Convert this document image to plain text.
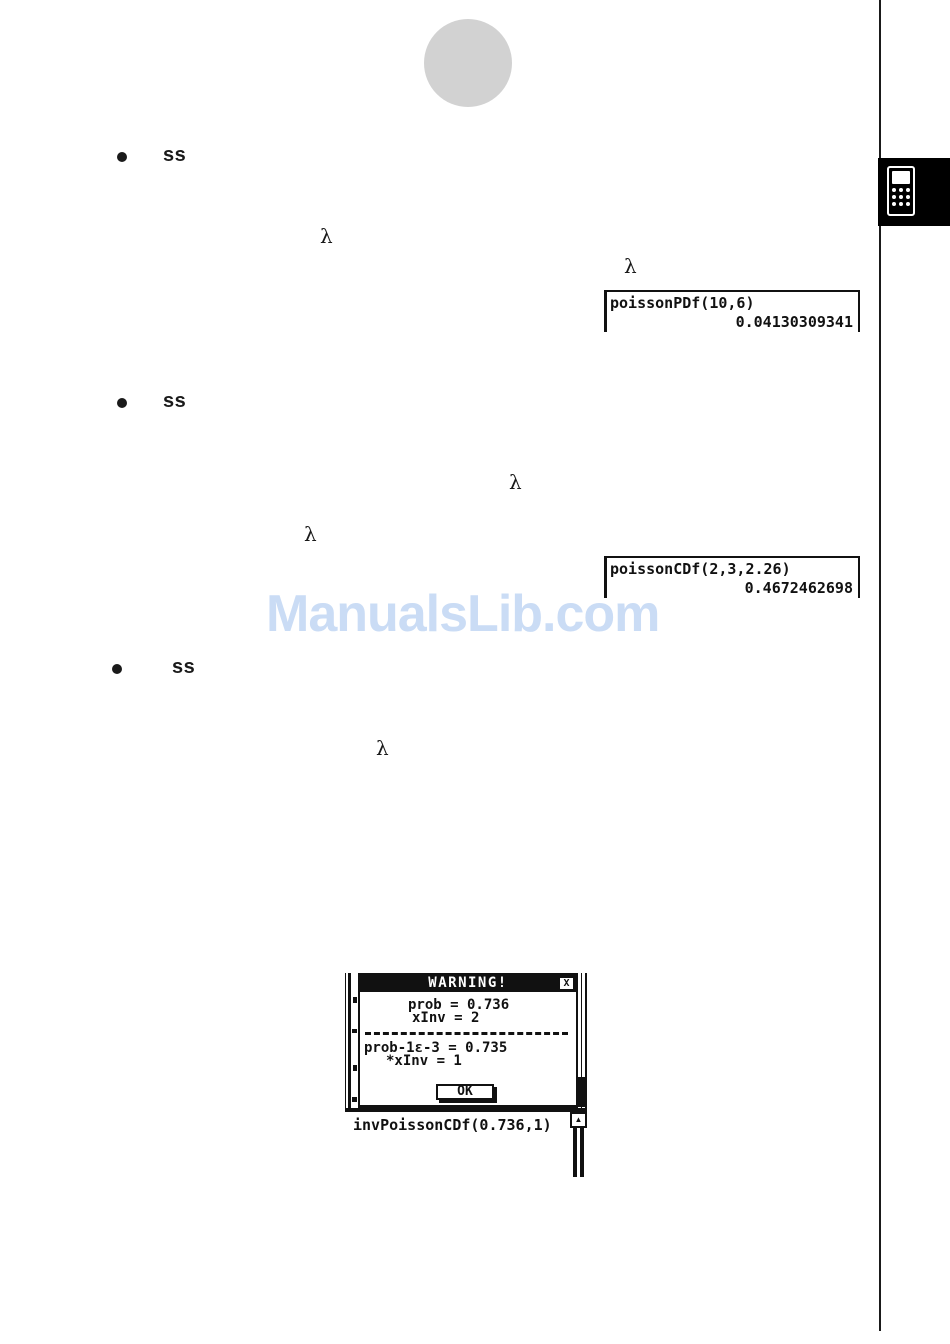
ss
ss
ss
λ
λ
λ
λ
λ
poissonPDf(10,6)
0.04130309341
poissonCDf(2,3,2.26)
0.4672462698
ManualsLib.com
WARNING!	X
prob = 0.736
xInv = 2
prob-1ε-3 = 0.735
*xInv = 1
OK
invPoissonCDf(0.736,1)	▲
